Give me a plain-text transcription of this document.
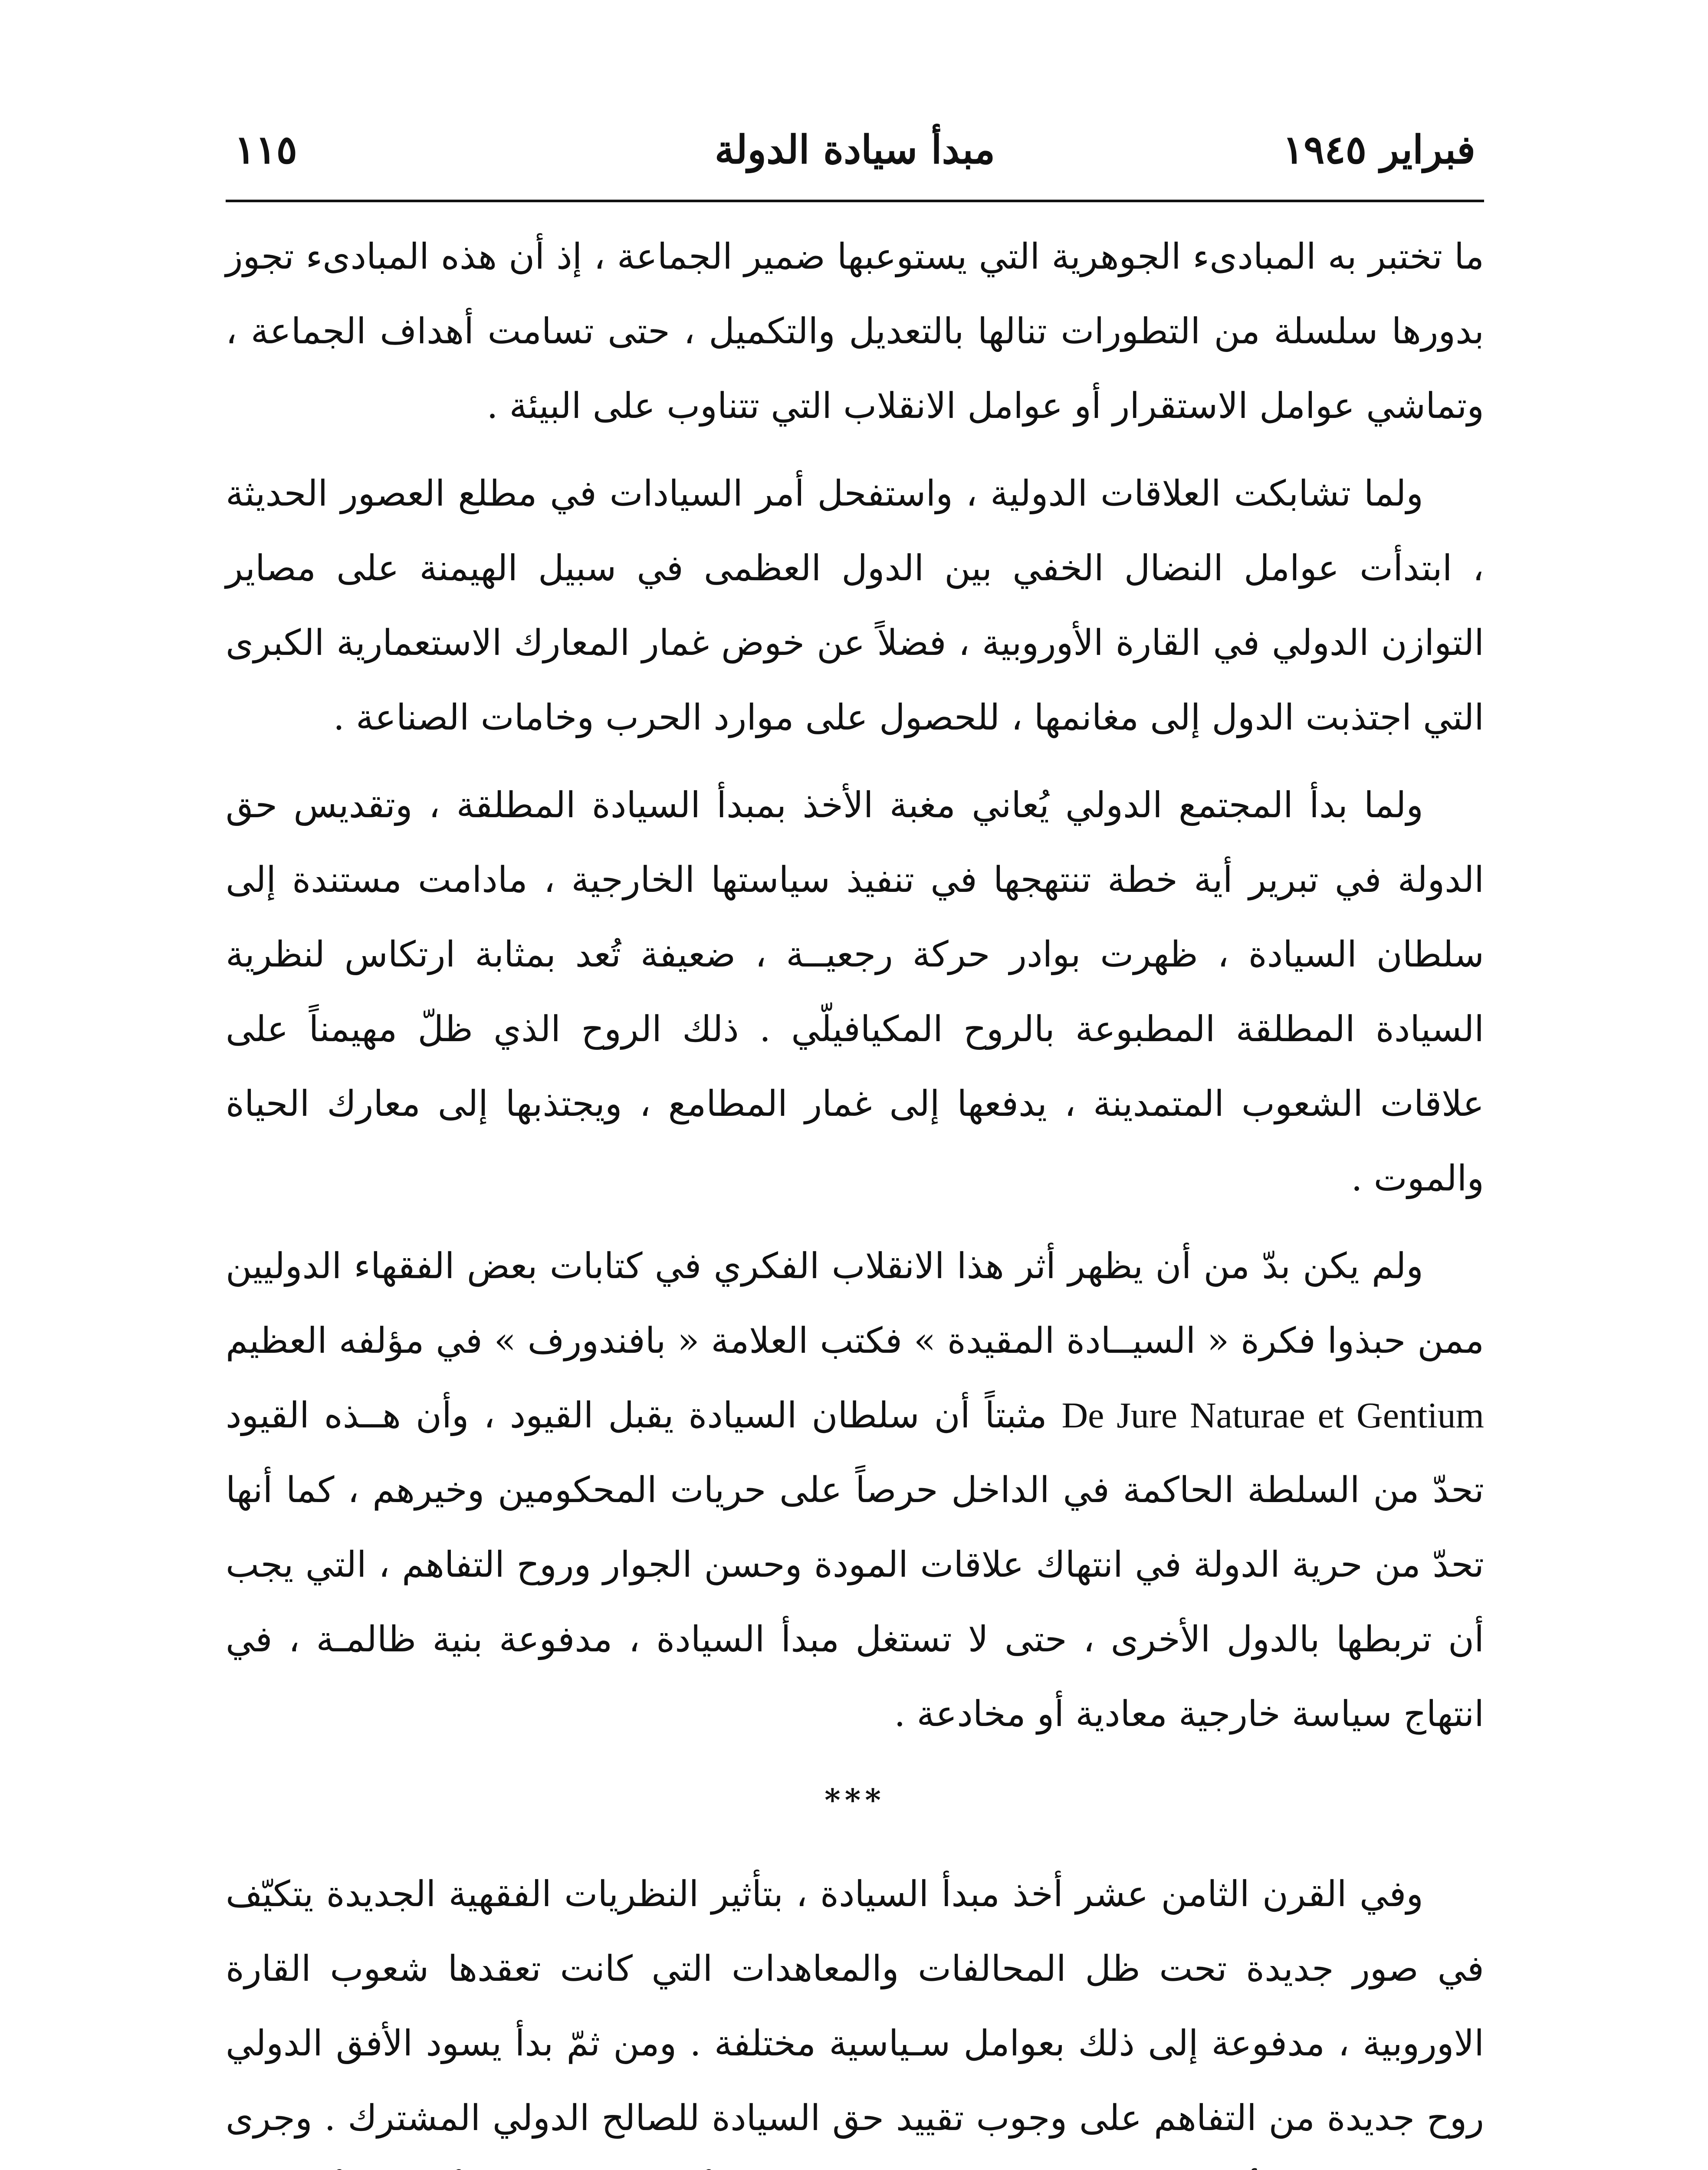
فبراير ١٩٤٥
مبدأ سيادة الدولة
١١٥

ما تختبر به المبادىء الجوهرية التي يستوعبها ضمير الجماعة ، إذ أن هذه المبادىء تجوز بدورها سلسلة من التطورات تنالها بالتعديل والتكميل ، حتى تسامت أهداف الجماعة ، وتماشي عوامل الاستقرار أو عوامل الانقلاب التي تتناوب على البيئة .

ولما تشابكت العلاقات الدولية ، واستفحل أمر السيادات في مطلع العصور الحديثة ، ابتدأت عوامل النضال الخفي بين الدول العظمى في سبيل الهيمنة على مصاير التوازن الدولي في القارة الأوروبية ، فضلاً عن خوض غمار المعارك الاستعمارية الكبرى التي اجتذبت الدول إلى مغانمها ، للحصول على موارد الحرب وخامات الصناعة .

ولما بدأ المجتمع الدولي يُعاني مغبة الأخذ بمبدأ السيادة المطلقة ، وتقديس حق الدولة في تبرير أية خطة تنتهجها في تنفيذ سياستها الخارجية ، مادامت مستندة إلى سلطان السيادة ، ظهرت بوادر حركة رجعيــة ، ضعيفة تُعد بمثابة ارتكاس لنظرية السيادة المطلقة المطبوعة بالروح المكيافيلّي . ذلك الروح الذي ظلّ مهيمناً على علاقات الشعوب المتمدينة ، يدفعها إلى غمار المطامع ، ويجتذبها إلى معارك الحياة والموت .

ولم يكن بدّ من أن يظهر أثر هذا الانقلاب الفكري في كتابات بعض الفقهاء الدوليين ممن حبذوا فكرة « السيــادة المقيدة » فكتب العلامة « بافندورف » في مؤلفه العظيم De Jure Naturae et Gentium مثبتاً أن سلطان السيادة يقبل القيود ، وأن هــذه القيود تحدّ من السلطة الحاكمة في الداخل حرصاً على حريات المحكومين وخيرهم ، كما أنها تحدّ من حرية الدولة في انتهاك علاقات المودة وحسن الجوار وروح التفاهم ، التي يجب أن تربطها بالدول الأخرى ، حتى لا تستغل مبدأ السيادة ، مدفوعة بنية ظالمـة ، في انتهاج سياسة خارجية معادية أو مخادعة .

***

وفي القرن الثامن عشر أخذ مبدأ السيادة ، بتأثير النظريات الفقهية الجديدة يتكيّف في صور جديدة تحت ظل المحالفات والمعاهدات التي كانت تعقدها شعوب القارة الاوروبية ، مدفوعة إلى ذلك بعوامل سـياسية مختلفة . ومن ثمّ بدأ يسود الأفق الدولي روح جديدة من التفاهم على وجوب تقييد حق السيادة للصالح الدولي المشترك . وجرى
